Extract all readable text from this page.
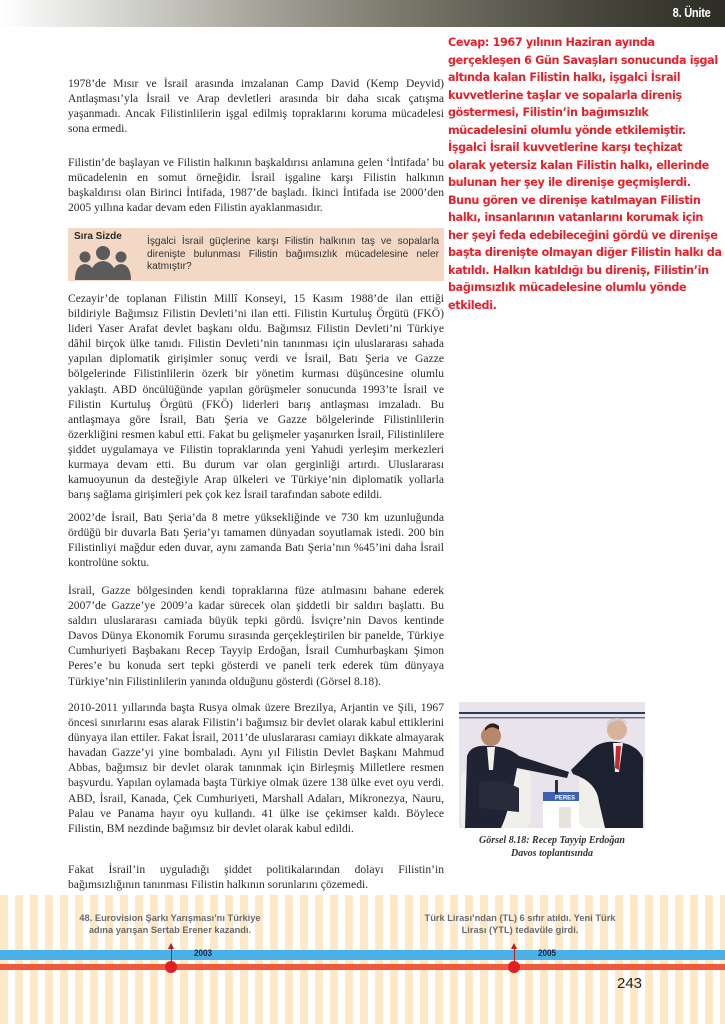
8. Ünite

1978’de Mısır ve İsrail arasında imzalanan Camp David (Kemp Deyvid) Antlaşması’yla İsrail ve Arap devletleri arasında bir daha sıcak çatışma yaşanmadı. Ancak Filistinlilerin işgal edilmiş topraklarını koruma mücadelesi sona ermedi.

Filistin’de başlayan ve Filistin halkının başkaldırısı anlamına gelen ‘İntifada’ bu mücadelenin en somut örneğidir. İsrail işgaline karşı Filistin halkının başkaldırısı olan Birinci İntifada, 1987’de başladı. İkinci İntifada ise 2000’den 2005 yıllına kadar devam eden Filistin ayaklanmasıdır.

Sıra Sizde İşgalci İsrail güçlerine karşı Filistin halkının taş ve sopalarla direnişte bulunması Filistin bağımsızlık mücadelesine neler katmıştır?

Cezayir’de toplanan Filistin Millî Konseyi, 15 Kasım 1988’de ilan ettiği bildiriyle Bağımsız Filistin Devleti’ni ilan etti. Filistin Kurtuluş Örgütü (FKÖ) lideri Yaser Arafat devlet başkanı oldu. Bağımsız Filistin Devleti’ni Türkiye dâhil birçok ülke tanıdı. Filistin Devleti’nin tanınması için uluslararası sahada yapılan diplomatik girişimler sonuç verdi ve İsrail, Batı Şeria ve Gazze bölgelerinde Filistinlilerin özerk bir yönetim kurması düşüncesine olumlu yaklaştı. ABD öncülüğünde yapılan görüşmeler sonucunda 1993’te İsrail ve Filistin Kurtuluş Örgütü (FKÖ) liderleri barış antlaşması imzaladı. Bu antlaşmaya göre İsrail, Batı Şeria ve Gazze bölgelerinde Filistinlilerin özerkliğini resmen kabul etti. Fakat bu gelişmeler yaşanırken İsrail, Filistinlilere şiddet uygulamaya ve Filistin topraklarında yeni Yahudi yerleşim merkezleri kurmaya devam etti. Bu durum var olan gerginliği artırdı. Uluslararası kamuoyunun da desteğiyle Arap ülkeleri ve Türkiye’nin diplomatik yollarla barış sağlama girişimleri pek çok kez İsrail tarafından sabote edildi.

2002’de İsrail, Batı Şeria’da 8 metre yüksekliğinde ve 730 km uzunluğunda ördüğü bir duvarla Batı Şeria’yı tamamen dünyadan soyutlamak istedi. 200 bin Filistinliyi mağdur eden duvar, aynı zamanda Batı Şeria’nın %45’ini daha İsrail kontrolüne soktu.

İsrail, Gazze bölgesinden kendi topraklarına füze atılmasını bahane ederek 2007’de Gazze’ye 2009’a kadar sürecek olan şiddetli bir saldırı başlattı. Bu saldırı uluslararası camiada büyük tepki gördü. İsviçre’nin Davos kentinde Davos Dünya Ekonomik Forumu sırasında gerçekleştirilen bir panelde, Türkiye Cumhuriyeti Başbakanı Recep Tayyip Erdoğan, İsrail Cumhurbaşkanı Şimon Peres’e bu konuda sert tepki gösterdi ve paneli terk ederek tüm dünyaya Türkiye’nin Filistinlilerin yanında olduğunu gösterdi (Görsel 8.18).

2010-2011 yıllarında başta Rusya olmak üzere Brezilya, Arjantin ve Şili, 1967 öncesi sınırlarını esas alarak Filistin’i bağımsız bir devlet olarak kabul ettiklerini dünyaya ilan ettiler. Fakat İsrail, 2011’de uluslararası camiayı dikkate almayarak havadan Gazze’yi yine bombaladı. Aynı yıl Filistin Devlet Başkanı Mahmud Abbas, bağımsız bir devlet olarak tanınmak için Birleşmiş Milletlere resmen başvurdu. Yapılan oylamada başta Türkiye olmak üzere 138 ülke evet oyu verdi. ABD, İsrail, Kanada, Çek Cumhuriyeti, Marshall Adaları, Mikronezya, Nauru, Palau ve Panama hayır oyu kullandı. 41 ülke ise çekimser kaldı. Böylece Filistin, BM nezdinde bağımsız bir devlet olarak kabul edildi.

Fakat İsrail’in uyguladığı şiddet politikalarından dolayı Filistin’in bağımsızlığının tanınması Filistin halkının sorunlarını çözemedi.

Cevap: 1967 yılının Haziran ayında gerçekleşen 6 Gün Savaşları sonucunda işgal altında kalan Filistin halkı, işgalci İsrail kuvvetlerine taşlar ve sopalarla direniş göstermesi, Filistin’in bağımsızlık mücadelesini olumlu yönde etkilemiştir. İşgalci İsrail kuvvetlerine karşı teçhizat olarak yetersiz kalan Filistin halkı, ellerinde bulunan her şey ile direnişe geçmişlerdi. Bunu gören ve direnişe katılmayan Filistin halkı, insanlarının vatanlarını korumak için her şeyi feda edebileceğini gördü ve direnişe başta direnişte olmayan diğer Filistin halkı da katıldı. Halkın katıldığı bu direniş, Filistin’in bağımsızlık mücadelesine olumlu yönde etkiledi.

PERES
Görsel 8.18: Recep Tayyip Erdoğan
Davos toplantısında
48. Eurovision Şarkı Yarışması’nı Türkiye
adına yarışan Sertab Erener kazandı.
2003
Türk Lirası’ndan (TL) 6 sıfır atıldı. Yeni Türk
Lirası (YTL) tedavüle girdi.
2005
243
